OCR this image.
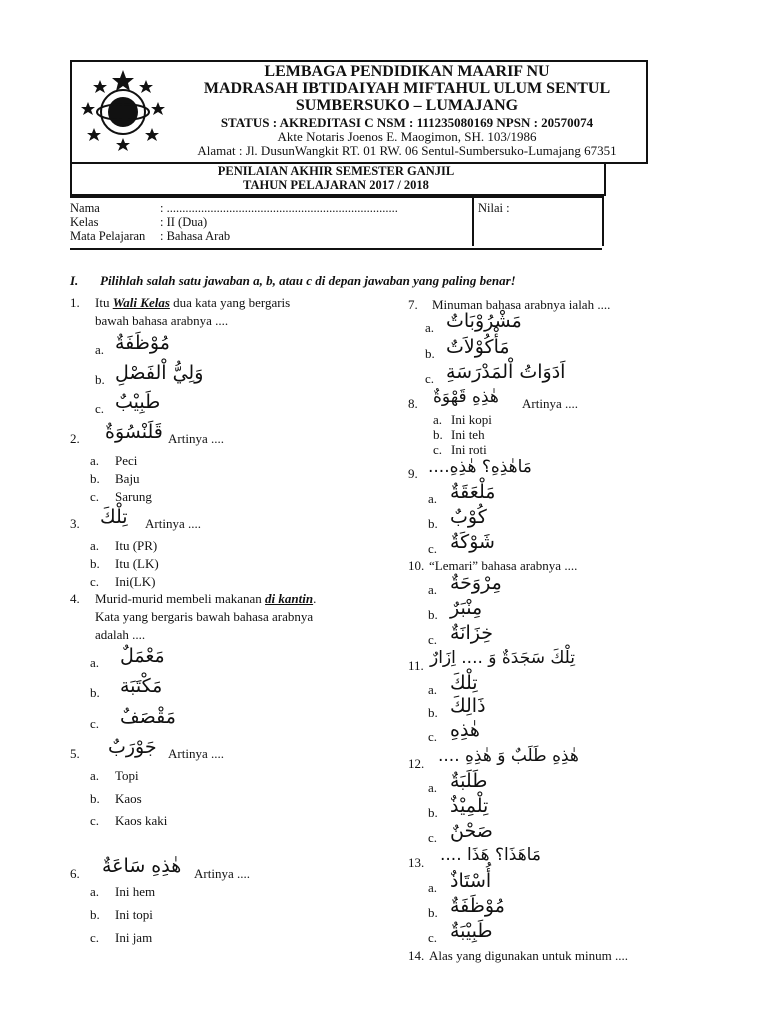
LEMBAGA PENDIDIKAN MAARIF NU
MADRASAH IBTIDAIYAH MIFTAHUL ULUM SENTUL
SUMBERSUKO – LUMAJANG
STATUS : AKREDITASI C NSM : 111235080169 NPSN : 20570074
Akte Notaris Joenos E. Maogimon, SH. 103/1986
Alamat : Jl. DusunWangkit RT. 01 RW. 06 Sentul-Sumbersuko-Lumajang 67351
PENILAIAN AKHIR SEMESTER GANJIL
TAHUN PELAJARAN 2017 / 2018
Nama	: ..........................................................................
Kelas	: II (Dua)
Mata Pelajaran : Bahasa Arab
Nilai :
I. Pilihlah salah satu jawaban a, b, atau c di depan jawaban yang paling benar!
1. Itu Wali Kelas dua kata yang bergaris
bawah bahasa arabnya ....
a. مُوْظَفَةٌ
b. وَلِيُّ اْلفَصْلِ
c. طَبِيْبٌ
2. قَلَنْسُوَةٌ Artinya ....
a. Peci
b. Baju
c. Sarung
3. تِلْكَ Artinya ....
a. Itu (PR)
b. Itu (LK)
c. Ini(LK)
4. Murid-murid membeli makanan di kantin.
Kata yang bergaris bawah bahasa arabnya
adalah ....
a. مَعْمَلٌ
b. مَكْتَبَة
c. مَقْصَفٌ
5. جَوْرَبٌ Artinya ....
a. Topi
b. Kaos
c. Kaos kaki
6. هٰذِهِ سَاعَةٌ Artinya ....
a. Ini hem
b. Ini topi
c. Ini jam
7. Minuman bahasa arabnya ialah ....
a. مَشْرُوْبَاتٌ
b. مَأْكُوْلاَتٌ
c. اَدَوَاتُ اْلمَدْرَسَةِ
8. هٰذِهِ قَهْوَةٌ Artinya ....
a. Ini kopi
b. Ini teh
c. Ini roti
9. مَاهٰذِهِ؟ هٰذِهِ....
a. مَلْعَقَةٌ
b. كُوْبٌ
c. شَوْكَةٌ
10. “Lemari” bahasa arabnya ....
a. مِرْوَحَةٌ
b. مِنْبَرٌ
c. خِزَانَةٌ
11. تِلْكَ سَجَدَةٌ وَ .... اِزَارٌ
a. تِلْكَ
b. ذَالِكَ
c. هٰذِهِ
12. هٰذِهِ طَلَبٌ وَ هٰذِهِ ....
a. طَلَبَةٌ
b. تِلْمِيْذٌ
c. صَحْنٌ
13. مَاهَذَا؟ هَذَا ....
a. أُسْتَاذٌ
b. مُوْظَفَةٌ
c. طَبِيْبَةٌ
14. Alas yang digunakan untuk minum ....
